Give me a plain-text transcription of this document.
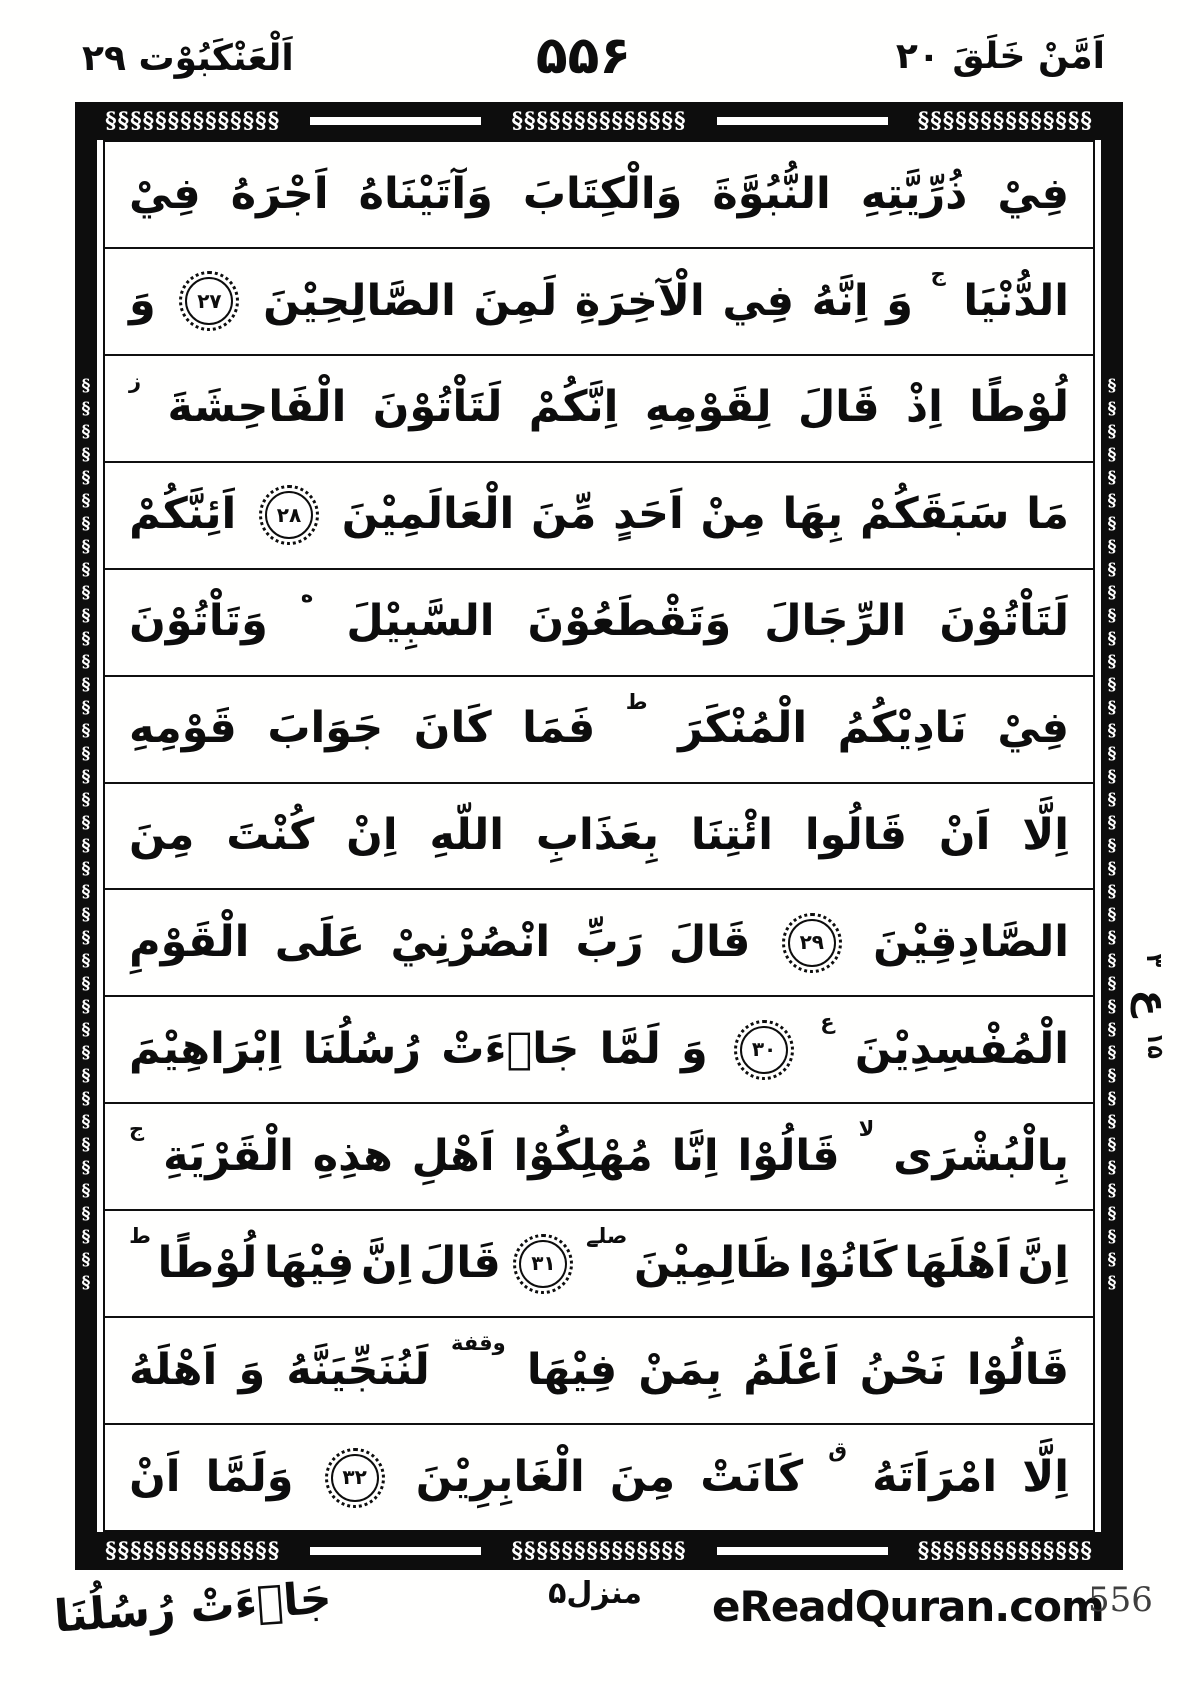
اَلْعَنْكَبُوْت ۲۹	۵۵۶	اَمَّنْ خَلَقَ ۲۰
§§§§§§§§§§§§§§
§§§§§§§§§§§§§§
§§§§§§§§§§§§§§
§§§§§§§§§§§§§§§§§§§§§§§§§§§§§§§§§§§§§§§§
فِيْ
ذُرِّيَّتِهِ
النُّبُوَّةَ
وَالْكِتَابَ
وَآتَيْنَاهُ
اَجْرَهُ
فِيْ
الدُّنْيَا
ج
وَ
اِنَّهُ
فِي
الْآخِرَةِ
لَمِنَ
الصَّالِحِيْنَ
۲۷
وَ
لُوْطًا
اِذْ
قَالَ
لِقَوْمِهِ
اِنَّكُمْ
لَتَاْتُوْنَ
الْفَاحِشَةَ
ز
مَا
سَبَقَكُمْ
بِهَا
مِنْ
اَحَدٍ
مِّنَ
الْعَالَمِيْنَ
۲۸
اَئِنَّكُمْ
لَتَاْتُوْنَ
الرِّجَالَ
وَتَقْطَعُوْنَ
السَّبِيْلَ
ه
وَتَاْتُوْنَ
فِيْ
نَادِيْكُمُ
الْمُنْكَرَ
ط
فَمَا
كَانَ
جَوَابَ
قَوْمِهِ
اِلَّا
اَنْ
قَالُوا
ائْتِنَا
بِعَذَابِ
اللّهِ
اِنْ
كُنْتَ
مِنَ
الصَّادِقِيْنَ
۲۹
قَالَ
رَبِّ
انْصُرْنِيْ
عَلَى
الْقَوْمِ
الْمُفْسِدِيْنَ
ع
۳۰
وَ
لَمَّا
جَاۤءَتْ
رُسُلُنَا
اِبْرَاهِيْمَ
بِالْبُشْرَى
لا
قَالُوْا
اِنَّا
مُهْلِكُوْا
اَهْلِ
هذِهِ
الْقَرْيَةِ
ج
اِنَّ
اَهْلَهَا
كَانُوْا
ظَالِمِيْنَ
صلے
۳۱
قَالَ
اِنَّ
فِيْهَا
لُوْطًا
ط
قَالُوْا
نَحْنُ
اَعْلَمُ
بِمَنْ
فِيْهَا
وقفة
لَنُنَجِّيَنَّهُ
وَ
اَهْلَهُ
اِلَّا
امْرَاَتَهُ
ق
كَانَتْ
مِنَ
الْغَابِرِيْنَ
۳۲
وَلَمَّا
اَنْ
§§§§§§§§§§§§§§§§§§§§§§§§§§§§§§§§§§§§§§§§
§§§§§§§§§§§§§§
§§§§§§§§§§§§§§
§§§§§§§§§§§§§§
۳
ع
۱۵
جَاۤءَتْ رُسُلُنَا	منزل۵ eReadQuran.com
556
